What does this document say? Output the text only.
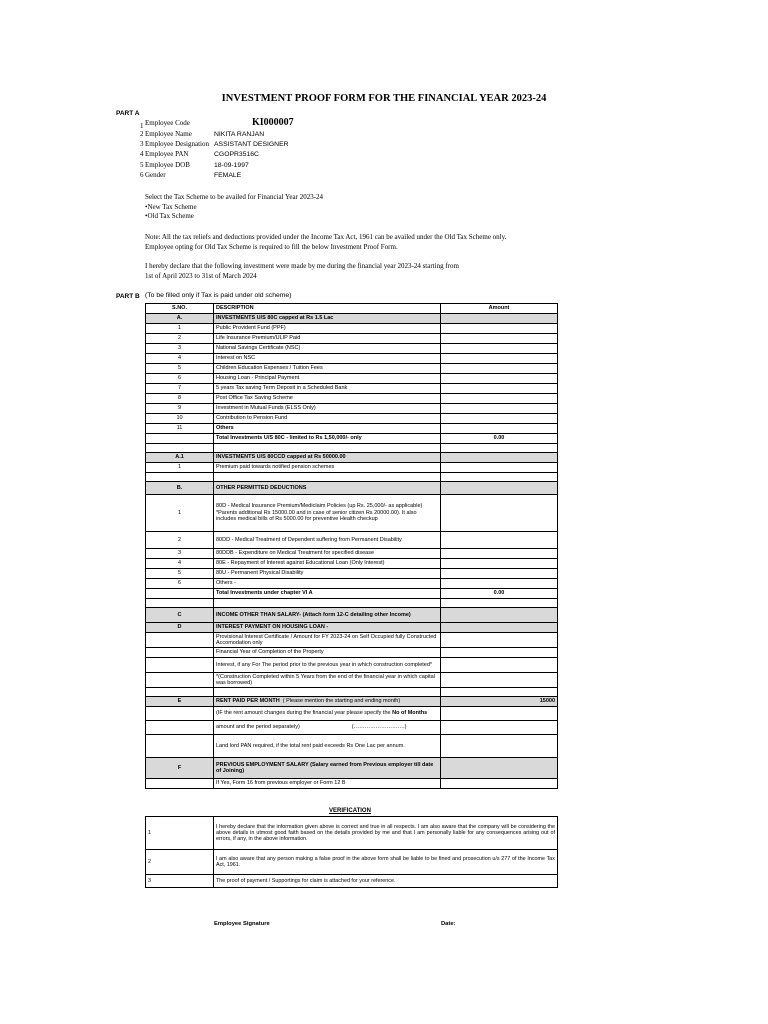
INVESTMENT PROOF FORM FOR THE FINANCIAL YEAR 2023-24
PART A
1 Employee Code	KI000007
2 Employee Name	NIKITA RANJAN
3 Employee Designation ASSISTANT DESIGNER
4 Employee PAN	CGOPR3516C
5 Employee DOB	18-09-1997
6 Gender	FEMALE
Select the Tax Scheme to be availed for Financial Year 2023-24
•New Tax Scheme
•Old Tax Scheme
Note: All the tax reliefs and deductions provided under the Income Tax Act, 1961 can be availed under the Old Tax Scheme only.
Employee opting for Old Tax Scheme is required to fill the below Investment Proof Form.
I hereby declare that the following investment were made by me during the financial year 2023-24 starting from
1st of April 2023 to 31st of March 2024
PART B (To be filled only if Tax is paid under old scheme)
S.NO.	DESCRIPTION	Amount
A.	INVESTMENTS U/S 80C capped at Rs 1.5 Lac	
1	Public Provident Fund (PPF)	
2	Life Insurance Premium/ULIP Paid	
3	National Savings Certificate (NSC)	
4	Interest on NSC	
5	Children Education Expenses / Tuition Fees	
6	Housing Loan - Principal Payment	
7	5 years Tax saving Term Deposit in a Scheduled Bank	
8	Post Office Tax Saving Scheme	
9	Investment in Mutual Funds (ELSS Only)	
10	Contribution to Pension Fund	
11	Others	
	Total Investments U/S 80C - limited to Rs 1,50,000/- only	0.00

A.1	INVESTMENTS U/S 80CCD capped at Rs 50000.00	
1	Premium paid towards notified pension schemes	

B.	OTHER PERMITTED DEDUCTIONS	
1	80D - Medical Insurance Premium/Mediclaim Policies (up Rs. 25,000/- as applicable) *Parents additional Rs 15000.00 and in case of senior citizen Rs 20000.00). It also includes medical bills of Rs 5000.00 for preventive Health checkup	
2	80DD - Medical Treatment of Dependent suffering from Permanent Disability	
3	80DDB - Expenditure on Medical Treatment for specified disease	
4	80E - Repayment of Interest against Educational Loan (Only Interest)	
5	80U - Permanent Physical Disability	
6	Others -	
	Total Investments under chapter VI A	0.00

C	INCOME OTHER THAN SALARY- (Attach form 12-C detailing other Income)	
D	INTEREST PAYMENT ON HOUSING LOAN -	
	Provisional Interest Certificate / Amount for FY 2023-24 on Self Occupied fully Constructed Accomodation only	
	Financial Year of Completion of the Property	
	Interest, if any For The period prior to the previous year in which construction completed*	
	*(Construction Completed within 5 Years from the end of the financial year in which capital was borrowed)	

E	RENT PAID PER MONTH ( Please mention the starting and ending month)	15000
	(IF the rent amount changes during the financial year please specify the No of Months	
	amount and the period separately) (……………………….)	
	Land lord PAN required, if the total rent paid exceeds Rs One Lac per annum.	
F	PREVIOUS EMPLOYMENT SALARY (Salary earned from Previous employer till date of Joining)	
	If Yes, Form 16 from previous employer or Form 12 B	
VERIFICATION
1	I hereby declare that the information given above is correct and true in all respects. I am also aware that the company will be considering the above details in utmost good faith based on the details provided by me and that I am personally liable for any consequences arising out of errors, if any, in the above information.
2	I am also aware that any person making a false proof in the above form shall be liable to be fined and prosecution u/s 277 of the Income Tax Act, 1961.
3	The proof of payment / Supportings for claim is attached for your reference.
Employee Signature	Date:
